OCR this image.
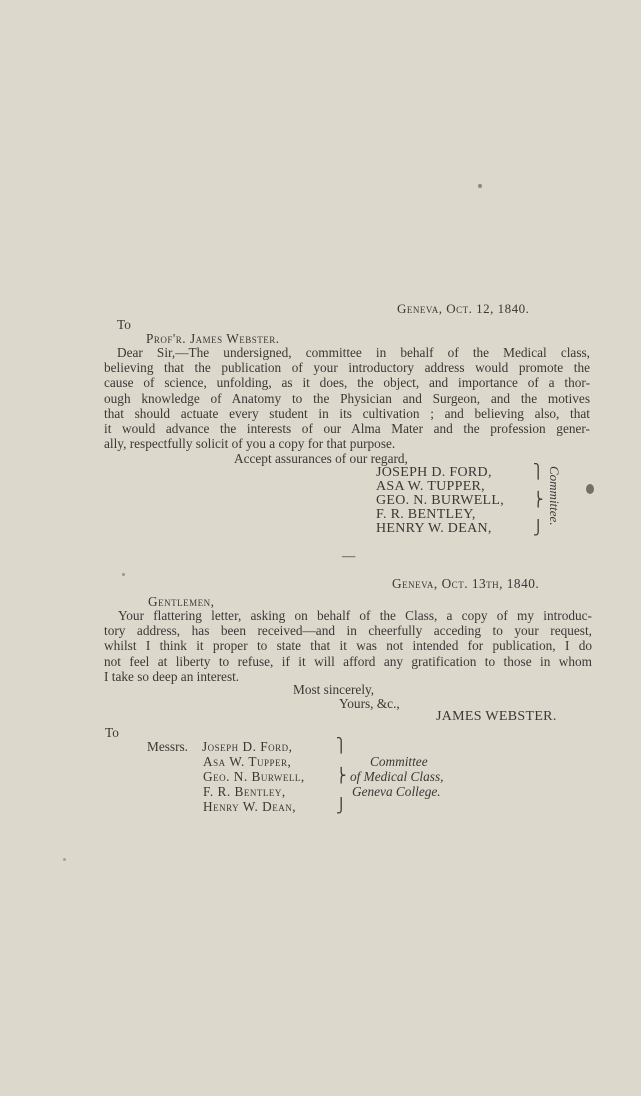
Geneva, Oct. 12, 1840.
To
Prof'r. James Webster.
Dear Sir,—The undersigned, committee in behalf of the Medical class,
believing that the publication of your introductory address would promote the
cause of science, unfolding, as it does, the object, and importance of a thor-
ough knowledge of Anatomy to the Physician and Surgeon, and the motives
that should actuate every student in its cultivation ; and believing also, that
it would advance the interests of our Alma Mater and the profession gener-
ally, respectfully solicit of you a copy for that purpose.
Accept assurances of our regard,
JOSEPH D. FORD,
ASA W. TUPPER,
GEO. N. BURWELL,
F. R. BENTLEY,
HENRY W. DEAN,
⎫
⎬
⎭
Committee.
—
Geneva, Oct. 13th, 1840.
Gentlemen,
Your flattering letter, asking on behalf of the Class, a copy of my introduc-
tory address, has been received—and in cheerfully acceding to your request,
whilst I think it proper to state that it was not intended for publication, I do
not feel at liberty to refuse, if it will afford any gratification to those in whom
I take so deep an interest.
Most sincerely,
Yours, &c.,
JAMES WEBSTER.
To
Messrs. Joseph D. Ford,
Asa W. Tupper,
Geo. N. Burwell,
F. R. Bentley,
Henry W. Dean,
⎫
⎬
⎭
Committee
of Medical Class,
Geneva College.
